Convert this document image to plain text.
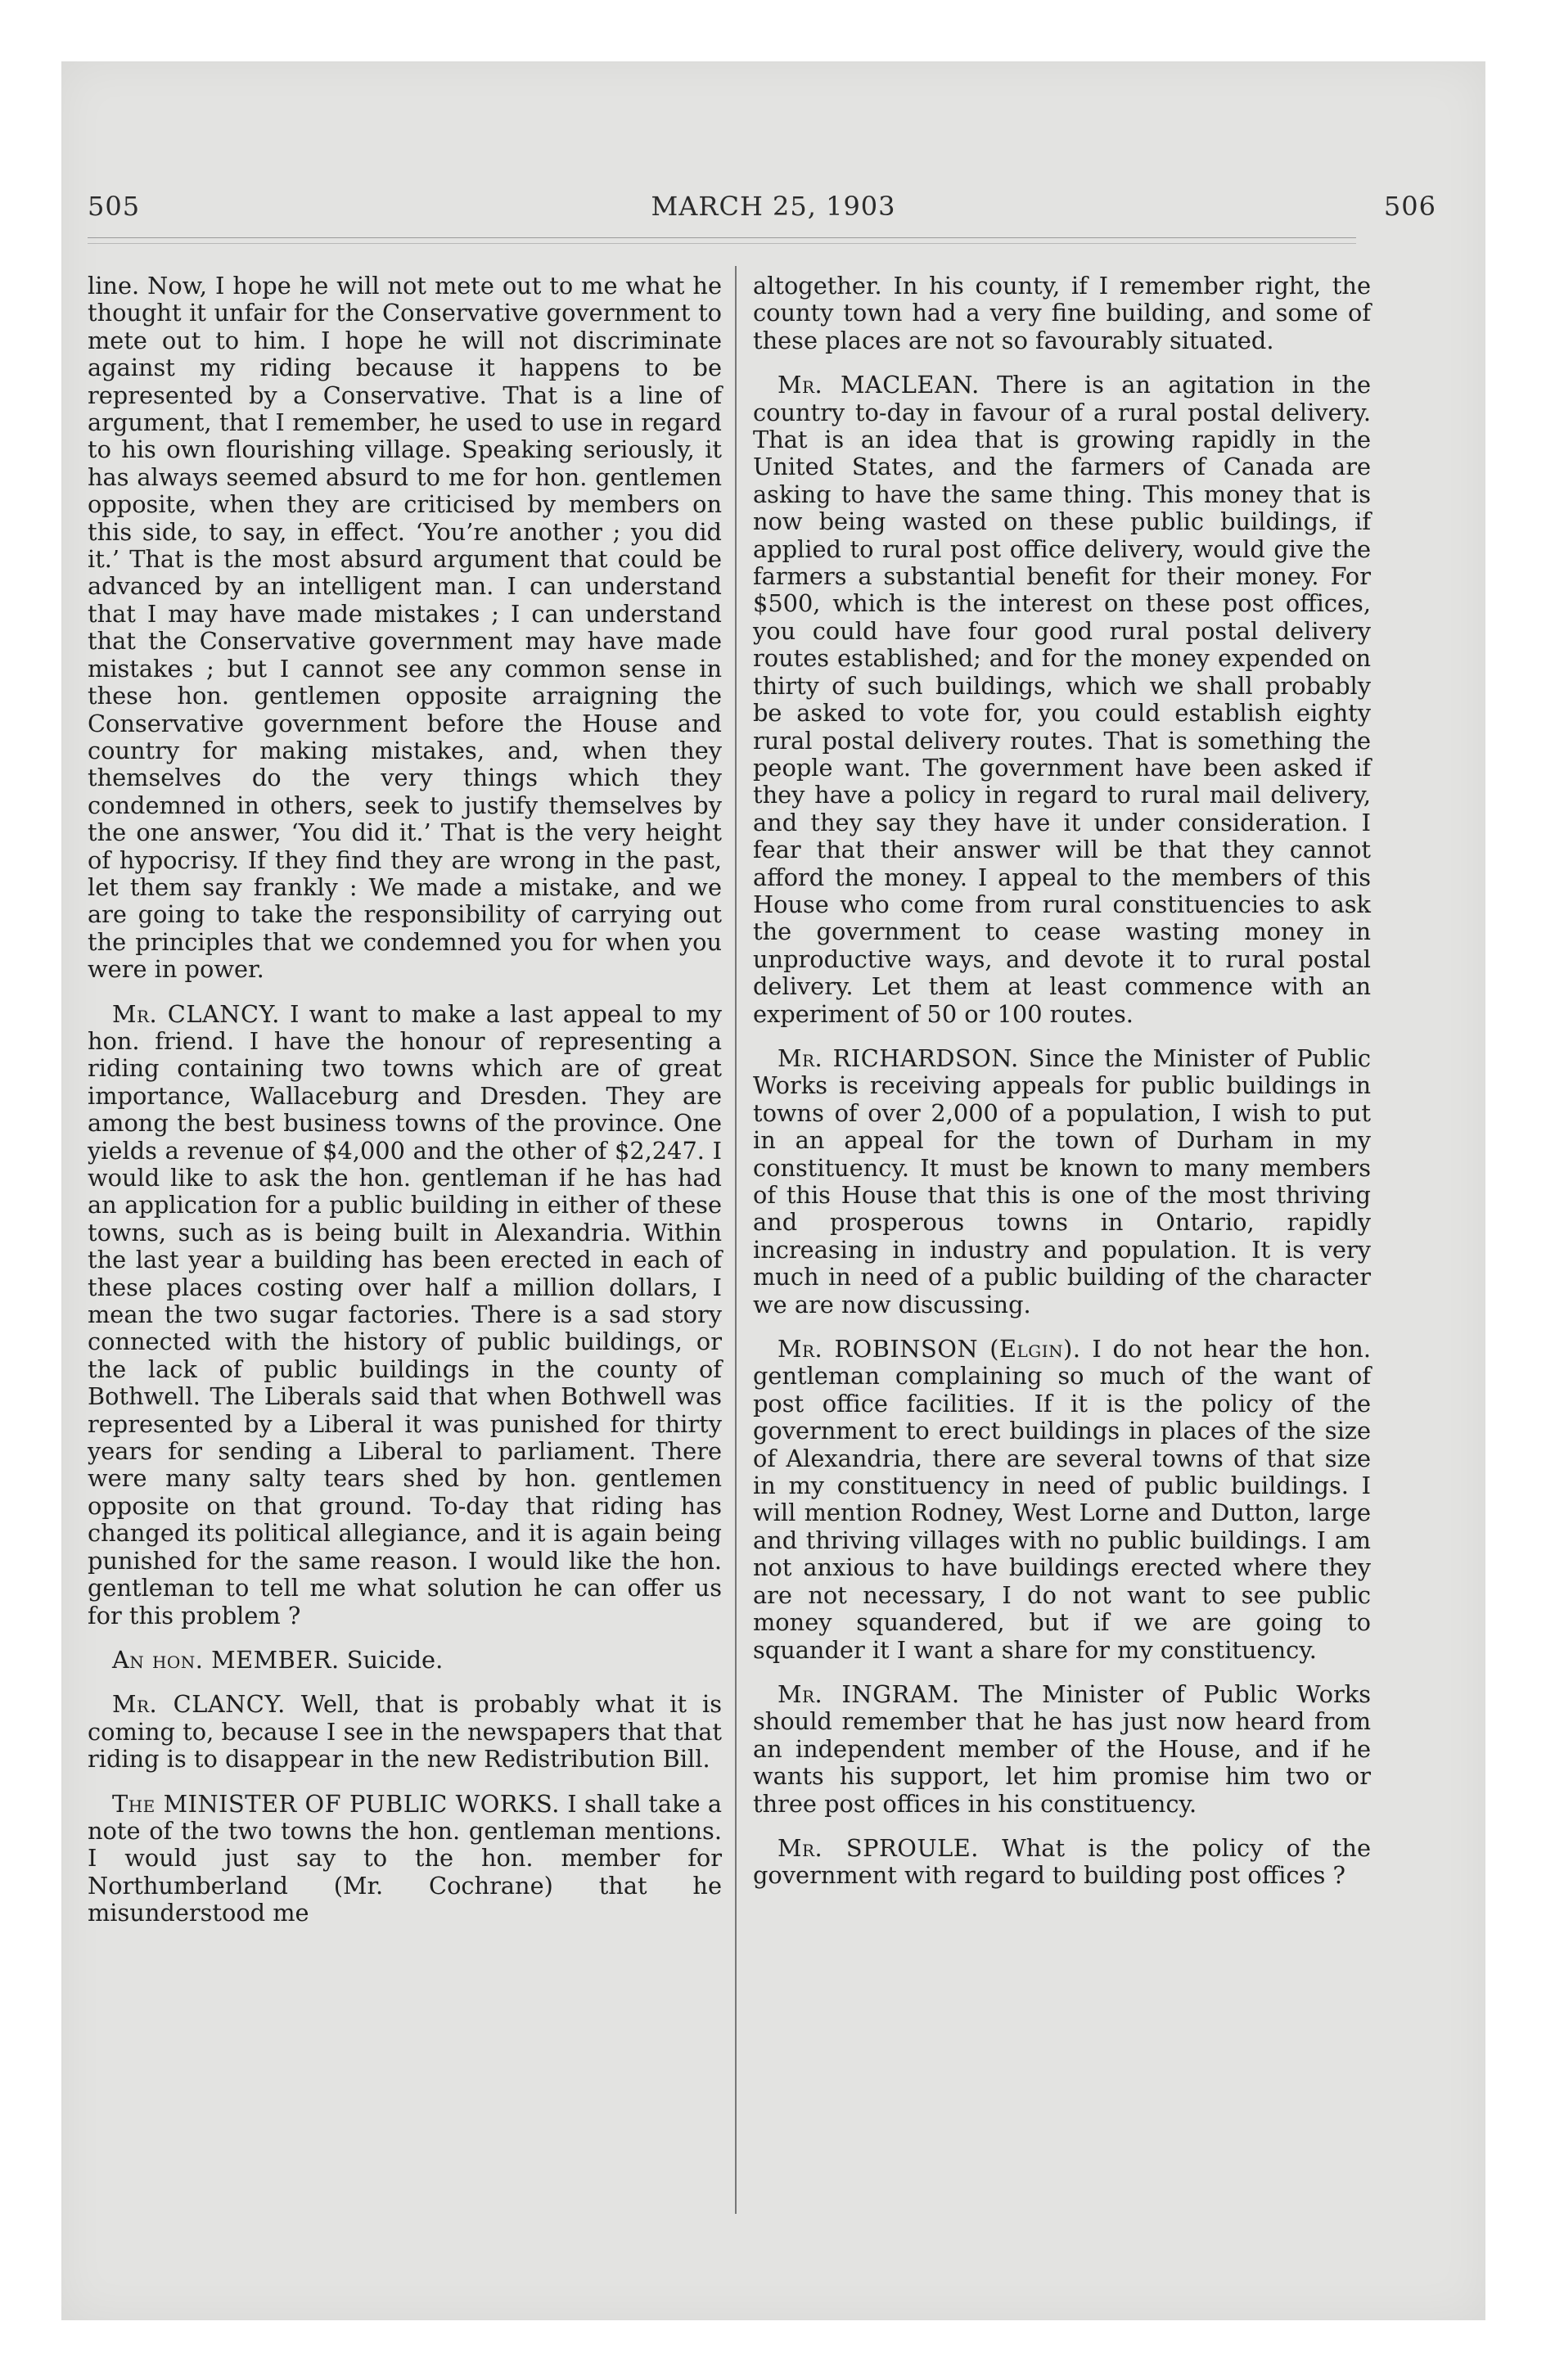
505	MARCH 25, 1903	506

line. Now, I hope he will not mete out to me what he thought it unfair for the Conservative government to mete out to him. I hope he will not discriminate against my riding because it happens to be represented by a Conservative. That is a line of argument, that I remember, he used to use in regard to his own flourishing village. Speaking seriously, it has always seemed absurd to me for hon. gentlemen opposite, when they are criticised by members on this side, to say, in effect. ‘You’re another ; you did it.’ That is the most absurd argument that could be advanced by an intelligent man. I can understand that I may have made mistakes ; I can understand that the Conservative government may have made mistakes ; but I cannot see any common sense in these hon. gentlemen opposite arraigning the Conservative government before the House and country for making mistakes, and, when they themselves do the very things which they condemned in others, seek to justify themselves by the one answer, ‘You did it.’ That is the very height of hypocrisy. If they find they are wrong in the past, let them say frankly : We made a mistake, and we are going to take the responsibility of carrying out the principles that we condemned you for when you were in power.

Mr. CLANCY. I want to make a last appeal to my hon. friend. I have the honour of representing a riding containing two towns which are of great importance, Wallaceburg and Dresden. They are among the best business towns of the province. One yields a revenue of $4,000 and the other of $2,247. I would like to ask the hon. gentleman if he has had an application for a public building in either of these towns, such as is being built in Alexandria. Within the last year a building has been erected in each of these places costing over half a million dollars, I mean the two sugar factories. There is a sad story connected with the history of public buildings, or the lack of public buildings in the county of Bothwell. The Liberals said that when Bothwell was represented by a Liberal it was punished for thirty years for sending a Liberal to parliament. There were many salty tears shed by hon. gentlemen opposite on that ground. To-day that riding has changed its political allegiance, and it is again being punished for the same reason. I would like the hon. gentleman to tell me what solution he can offer us for this problem ?

An hon. MEMBER. Suicide.

Mr. CLANCY. Well, that is probably what it is coming to, because I see in the newspapers that that riding is to disappear in the new Redistribution Bill.

The MINISTER OF PUBLIC WORKS. I shall take a note of the two towns the hon. gentleman mentions. I would just say to the hon. member for Northumberland (Mr. Cochrane) that he misunderstood me

altogether. In his county, if I remember right, the county town had a very fine building, and some of these places are not so favourably situated.

Mr. MACLEAN. There is an agitation in the country to-day in favour of a rural postal delivery. That is an idea that is growing rapidly in the United States, and the farmers of Canada are asking to have the same thing. This money that is now being wasted on these public buildings, if applied to rural post office delivery, would give the farmers a substantial benefit for their money. For $500, which is the interest on these post offices, you could have four good rural postal delivery routes established; and for the money expended on thirty of such buildings, which we shall probably be asked to vote for, you could establish eighty rural postal delivery routes. That is something the people want. The government have been asked if they have a policy in regard to rural mail delivery, and they say they have it under consideration. I fear that their answer will be that they cannot afford the money. I appeal to the members of this House who come from rural constituencies to ask the government to cease wasting money in unproductive ways, and devote it to rural postal delivery. Let them at least commence with an experiment of 50 or 100 routes.

Mr. RICHARDSON. Since the Minister of Public Works is receiving appeals for public buildings in towns of over 2,000 of a population, I wish to put in an appeal for the town of Durham in my constituency. It must be known to many members of this House that this is one of the most thriving and prosperous towns in Ontario, rapidly increasing in industry and population. It is very much in need of a public building of the character we are now discussing.

Mr. ROBINSON (Elgin). I do not hear the hon. gentleman complaining so much of the want of post office facilities. If it is the policy of the government to erect buildings in places of the size of Alexandria, there are several towns of that size in my constituency in need of public buildings. I will mention Rodney, West Lorne and Dutton, large and thriving villages with no public buildings. I am not anxious to have buildings erected where they are not necessary, I do not want to see public money squandered, but if we are going to squander it I want a share for my constituency.

Mr. INGRAM. The Minister of Public Works should remember that he has just now heard from an independent member of the House, and if he wants his support, let him promise him two or three post offices in his constituency.

Mr. SPROULE. What is the policy of the government with regard to building post offices ?
